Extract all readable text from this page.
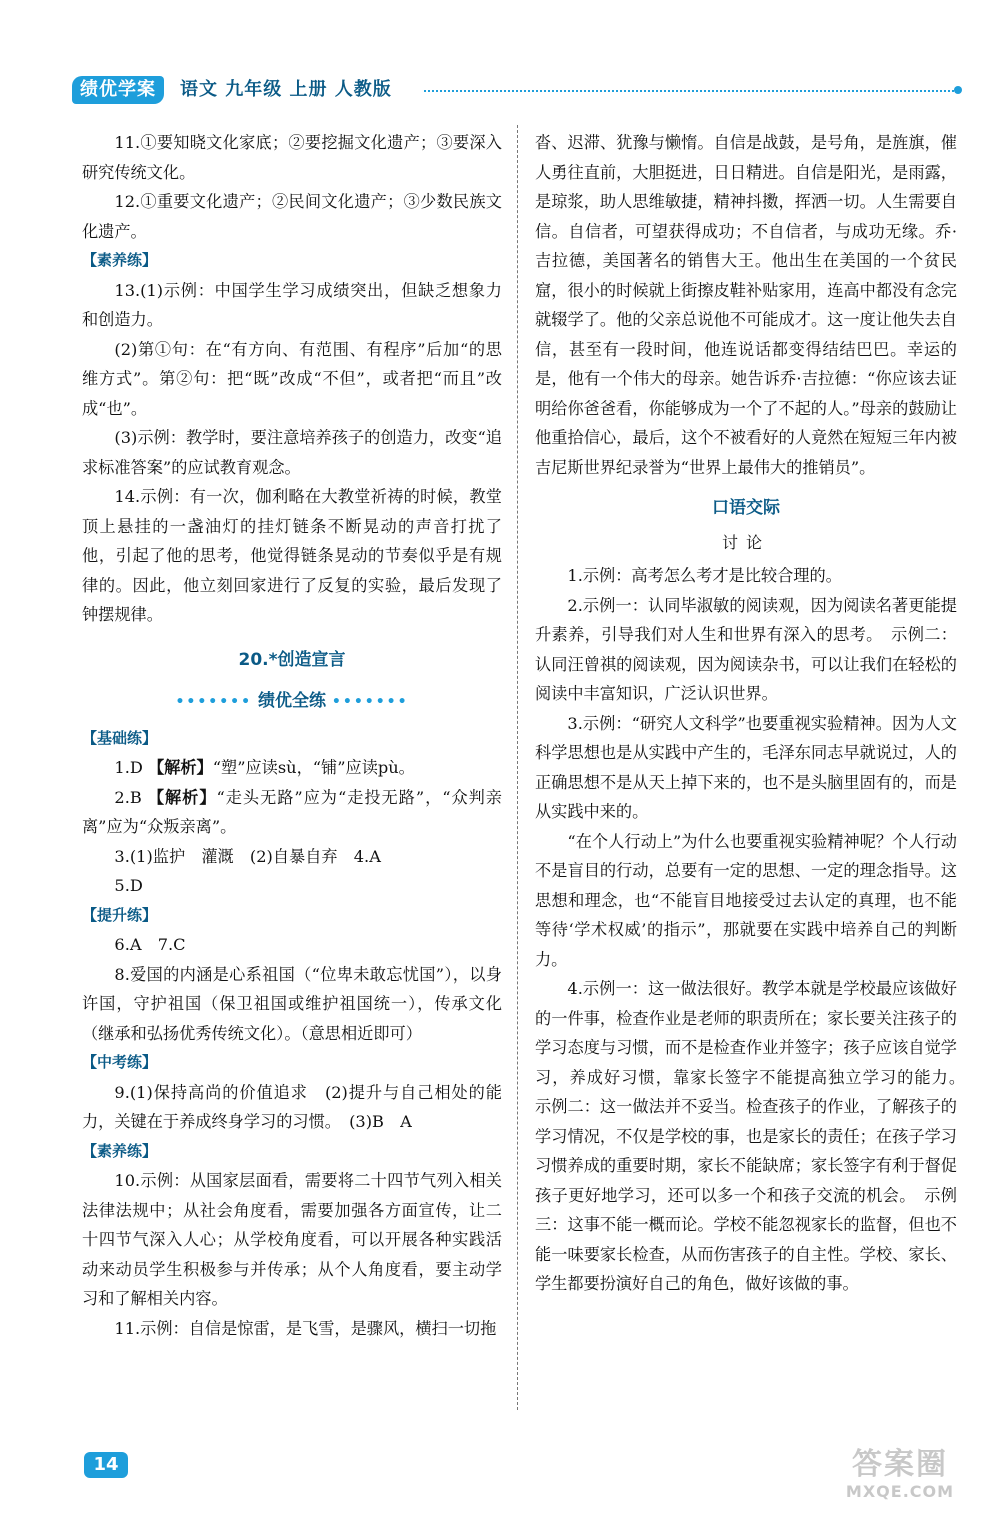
绩优学案	语文 九年级 上册 人教版

11.①要知晓文化家底；②要挖掘文化遗产；③要深入研究传统文化。

12.①重要文化遗产；②民间文化遗产；③少数民族文化遗产。

【素养练】

13.(1)示例：中国学生学习成绩突出，但缺乏想象力和创造力。

(2)第①句：在“有方向、有范围、有程序”后加“的思维方式”。第②句：把“既”改成“不但”，或者把“而且”改成“也”。

(3)示例：教学时，要注意培养孩子的创造力，改变“追求标准答案”的应试教育观念。

14.示例：有一次，伽利略在大教堂祈祷的时候，教堂顶上悬挂的一盏油灯的挂灯链条不断晃动的声音打扰了他，引起了他的思考，他觉得链条晃动的节奏似乎是有规律的。因此，他立刻回家进行了反复的实验，最后发现了钟摆规律。

20.*创造宣言

••••••• 绩优全练 •••••••

【基础练】

1.D 【解析】“塑”应读sù，“铺”应读pù。

2.B 【解析】“走头无路”应为“走投无路”，“众判亲离”应为“众叛亲离”。

3.(1)监护　灌溉　(2)自暴自弃　4.A

5.D

【提升练】

6.A　7.C

8.爱国的内涵是心系祖国（“位卑未敢忘忧国”），以身许国，守护祖国（保卫祖国或维护祖国统一），传承文化（继承和弘扬优秀传统文化）。（意思相近即可）

【中考练】

9.(1)保持高尚的价值追求　(2)提升与自己相处的能力，关键在于养成终身学习的习惯。　(3)B　A

【素养练】

10.示例：从国家层面看，需要将二十四节气列入相关法律法规中；从社会角度看，需要加强各方面宣传，让二十四节气深入人心；从学校角度看，可以开展各种实践活动来动员学生积极参与并传承；从个人角度看，要主动学习和了解相关内容。

11.示例：自信是惊雷，是飞雪，是骤风，横扫一切拖

沓、迟滞、犹豫与懒惰。自信是战鼓，是号角，是旌旗，催人勇往直前，大胆挺进，日日精进。自信是阳光，是雨露，是琼浆，助人思维敏捷，精神抖擞，挥洒一切。人生需要自信。自信者，可望获得成功；不自信者，与成功无缘。乔·吉拉德，美国著名的销售大王。他出生在美国的一个贫民窟，很小的时候就上街擦皮鞋补贴家用，连高中都没有念完就辍学了。他的父亲总说他不可能成才。这一度让他失去自信，甚至有一段时间，他连说话都变得结结巴巴。幸运的是，他有一个伟大的母亲。她告诉乔·吉拉德：“你应该去证明给你爸爸看，你能够成为一个了不起的人。”母亲的鼓励让他重拾信心，最后，这个不被看好的人竟然在短短三年内被吉尼斯世界纪录誉为“世界上最伟大的推销员”。

口语交际

讨论

1.示例：高考怎么考才是比较合理的。

2.示例一：认同毕淑敏的阅读观，因为阅读名著更能提升素养，引导我们对人生和世界有深入的思考。　示例二：认同汪曾祺的阅读观，因为阅读杂书，可以让我们在轻松的阅读中丰富知识，广泛认识世界。

3.示例：“研究人文科学”也要重视实验精神。因为人文科学思想也是从实践中产生的，毛泽东同志早就说过，人的正确思想不是从天上掉下来的，也不是头脑里固有的，而是从实践中来的。

“在个人行动上”为什么也要重视实验精神呢？个人行动不是盲目的行动，总要有一定的思想、一定的理念指导。这思想和理念，也“不能盲目地接受过去认定的真理，也不能等待‘学术权威’的指示”，那就要在实践中培养自己的判断力。

4.示例一：这一做法很好。教学本就是学校最应该做好的一件事，检查作业是老师的职责所在；家长要关注孩子的学习态度与习惯，而不是检查作业并签字；孩子应该自觉学习，养成好习惯，靠家长签字不能提高独立学习的能力。　示例二：这一做法并不妥当。检查孩子的作业，了解孩子的学习情况，不仅是学校的事，也是家长的责任；在孩子学习习惯养成的重要时期，家长不能缺席；家长签字有利于督促孩子更好地学习，还可以多一个和孩子交流的机会。　示例三：这事不能一概而论。学校不能忽视家长的监督，但也不能一味要家长检查，从而伤害孩子的自主性。学校、家长、学生都要扮演好自己的角色，做好该做的事。

14	答案圈
MXQE.COM
